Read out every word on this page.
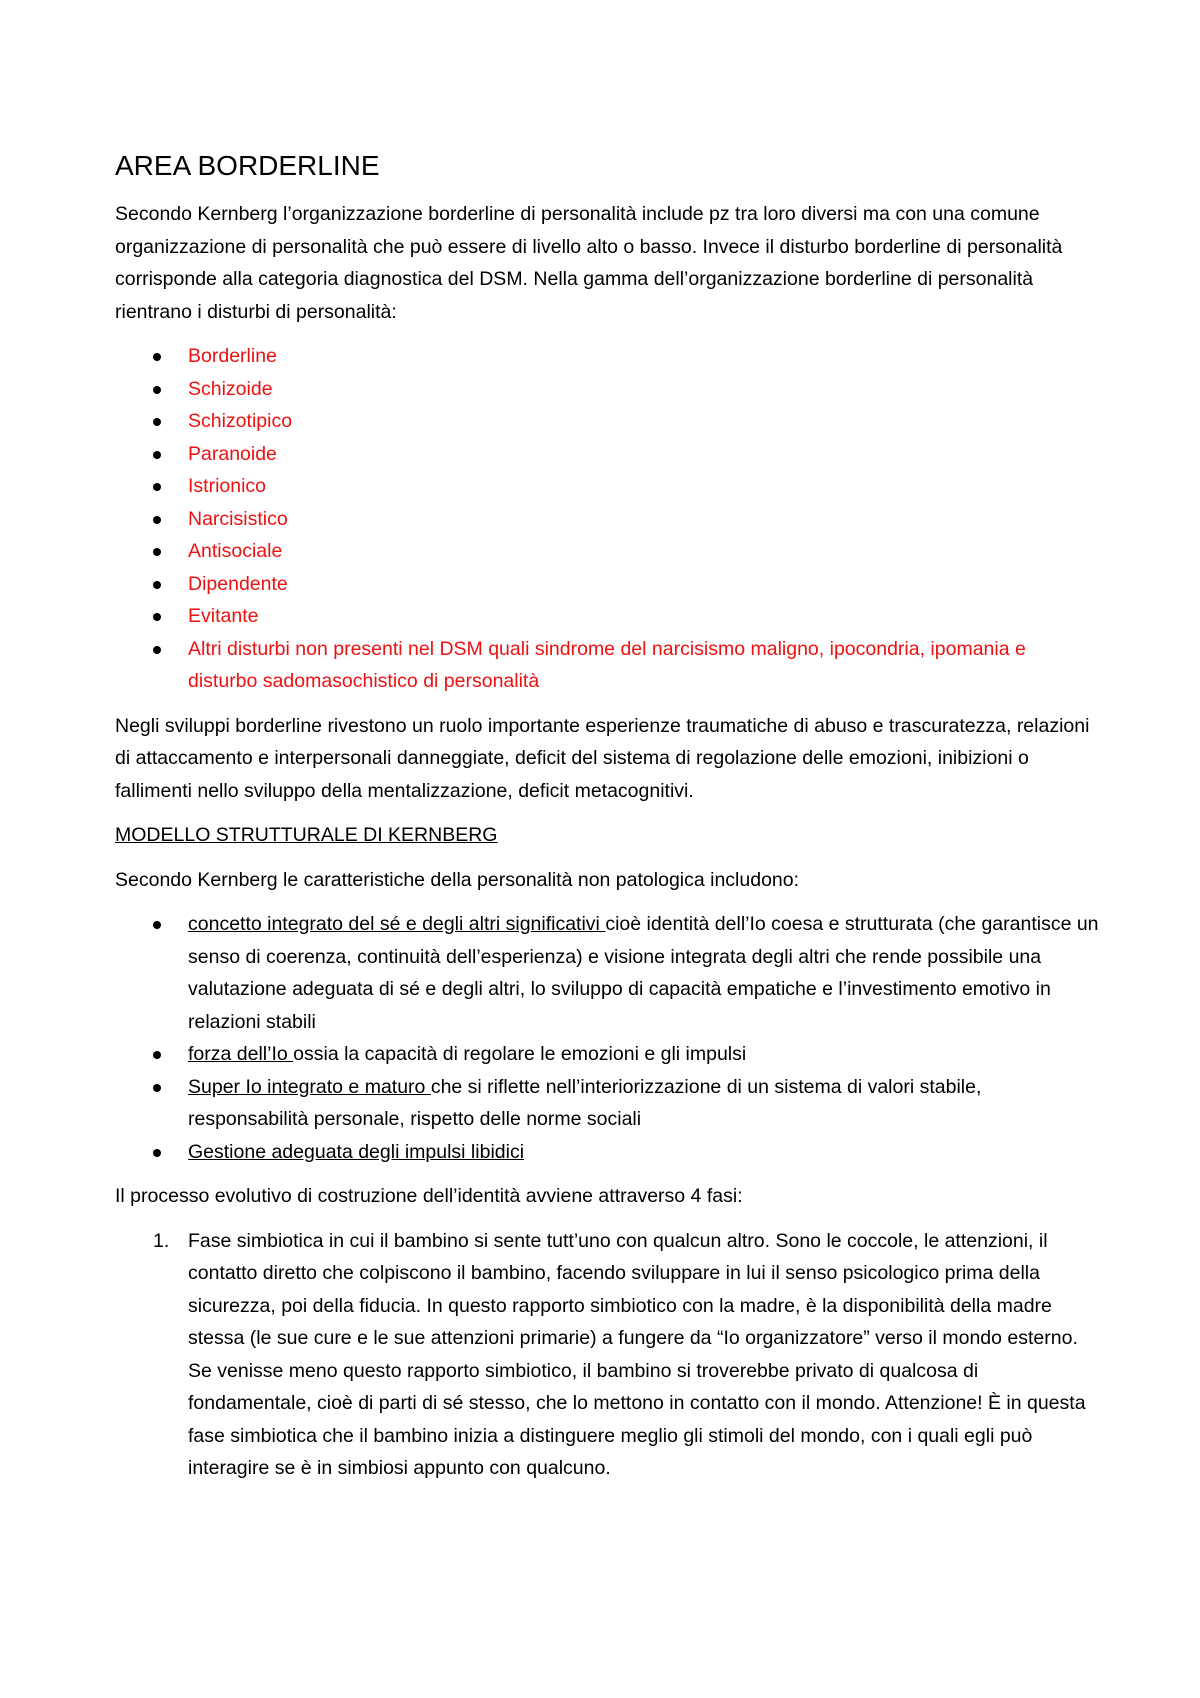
AREA BORDERLINE

Secondo Kernberg l’organizzazione borderline di personalità include pz tra loro diversi ma con una comune organizzazione di personalità che può essere di livello alto o basso. Invece il disturbo borderline di personalità corrisponde alla categoria diagnostica del DSM. Nella gamma dell’organizzazione borderline di personalità rientrano i disturbi di personalità:

Borderline
Schizoide
Schizotipico
Paranoide
Istrionico
Narcisistico
Antisociale
Dipendente
Evitante
Altri disturbi non presenti nel DSM quali sindrome del narcisismo maligno, ipocondria, ipomania e disturbo sadomasochistico di personalità

Negli sviluppi borderline rivestono un ruolo importante esperienze traumatiche di abuso e trascuratezza, relazioni di attaccamento e interpersonali danneggiate, deficit del sistema di regolazione delle emozioni, inibizioni o fallimenti nello sviluppo della mentalizzazione, deficit metacognitivi.

MODELLO STRUTTURALE DI KERNBERG

Secondo Kernberg le caratteristiche della personalità non patologica includono:

concetto integrato del sé e degli altri significativi cioè identità dell’Io coesa e strutturata (che garantisce un senso di coerenza, continuità dell’esperienza) e visione integrata degli altri che rende possibile una valutazione adeguata di sé e degli altri, lo sviluppo di capacità empatiche e l’investimento emotivo in relazioni stabili
forza dell’Io ossia la capacità di regolare le emozioni e gli impulsi
Super Io integrato e maturo che si riflette nell’interiorizzazione di un sistema di valori stabile, responsabilità personale, rispetto delle norme sociali
Gestione adeguata degli impulsi libidici

Il processo evolutivo di costruzione dell’identità avviene attraverso 4 fasi:

1. Fase simbiotica in cui il bambino si sente tutt’uno con qualcun altro. Sono le coccole, le attenzioni, il contatto diretto che colpiscono il bambino, facendo sviluppare in lui il senso psicologico prima della sicurezza, poi della fiducia. In questo rapporto simbiotico con la madre, è la disponibilità della madre stessa (le sue cure e le sue attenzioni primarie) a fungere da “Io organizzatore” verso il mondo esterno. Se venisse meno questo rapporto simbiotico, il bambino si troverebbe privato di qualcosa di fondamentale, cioè di parti di sé stesso, che lo mettono in contatto con il mondo. Attenzione! È in questa fase simbiotica che il bambino inizia a distinguere meglio gli stimoli del mondo, con i quali egli può interagire se è in simbiosi appunto con qualcuno.
